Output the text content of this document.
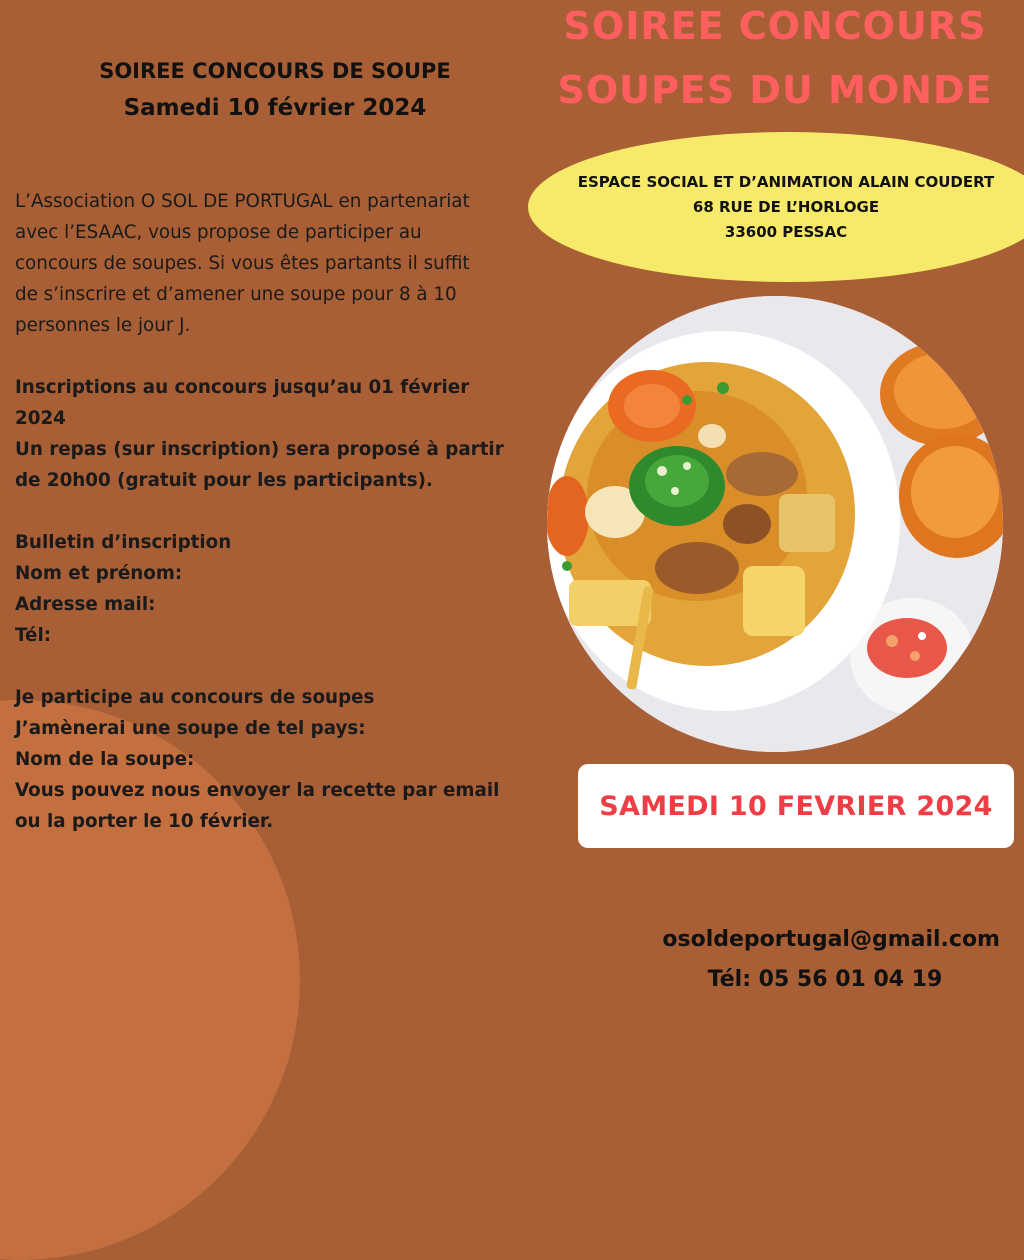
SOIREE CONCOURS DE SOUPE
Samedi 10 février 2024

L’Association O SOL DE PORTUGAL en partenariat

avec l’ESAAC, vous propose de participer au

concours de soupes. Si vous êtes partants il suffit

de s’inscrire et d’amener une soupe pour 8 à 10

personnes le jour J.

Inscriptions au concours jusqu’au 01 février

2024

Un repas (sur inscription) sera proposé à partir

de 20h00 (gratuit pour les participants).

Bulletin d’inscription

Nom et prénom:

Adresse mail:

Tél:

Je participe au concours de soupes

J’amènerai une soupe de tel pays:

Nom de la soupe:

Vous pouvez nous envoyer la recette par email

ou la porter le 10 février.

SOIREE CONCOURS
SOUPES DU MONDE
ESPACE SOCIAL ET D’ANIMATION ALAIN COUDERT
68 RUE DE L’HORLOGE
33600 PESSAC
SAMEDI 10 FEVRIER 2024
osoldeportugal@gmail.com
Tél: 05 56 01 04 19
